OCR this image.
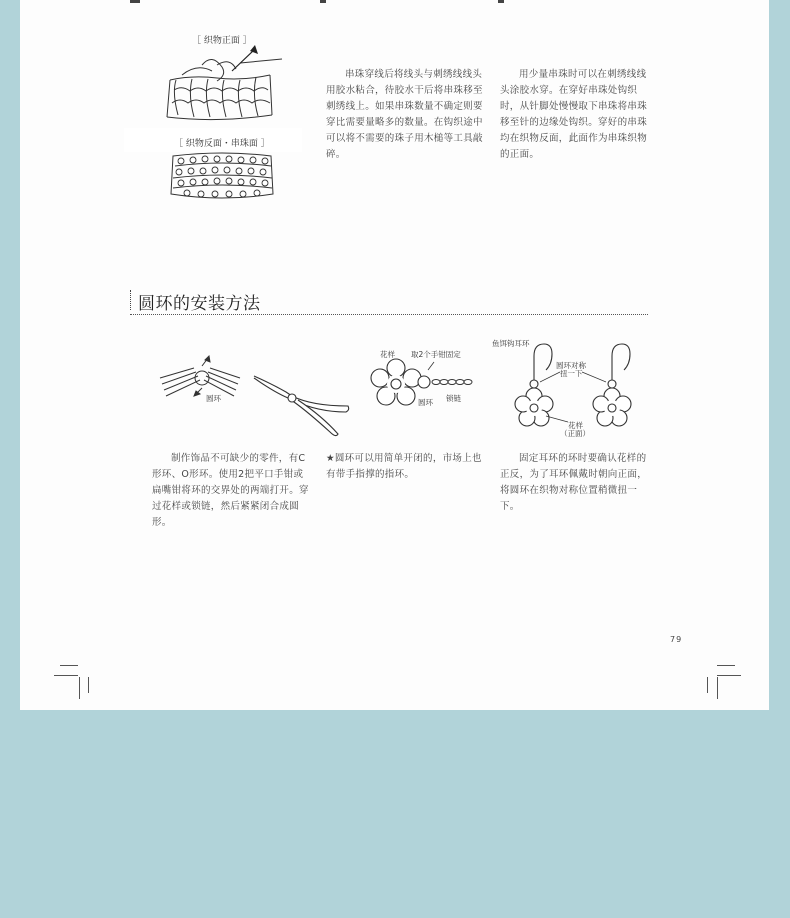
［ 织物正面 ］
［ 织物反面・串珠面 ］

串珠穿线后将线头与刺绣线线头用胶水粘合，待胶水干后将串珠移至刺绣线上。如果串珠数量不确定则要穿比需要量略多的数量。在钩织途中可以将不需要的珠子用木槌等工具敲碎。

用少量串珠时可以在刺绣线线头涂胶水穿。在穿好串珠处钩织时，从针脚处慢慢取下串珠将串珠移至针的边缘处钩织。穿好的串珠均在织物反面，此面作为串珠织物的正面。

圆环的安装方法
圆环
花样 取2个手钳固定
圆环 锁链
鱼饵钩耳环
圆环对称
扭一下
花样
（正面）

制作饰品不可缺少的零件，有C形环、O形环。使用2把平口手钳或扁嘴钳将环的交界处的两端打开。穿过花样或锁链，然后紧紧闭合成圆形。

★圆环可以用简单开闭的，市场上也有带手指撑的指环。

固定耳环的环时要确认花样的正反，为了耳环佩戴时朝向正面，将圆环在织物对称位置稍微扭一下。

79
